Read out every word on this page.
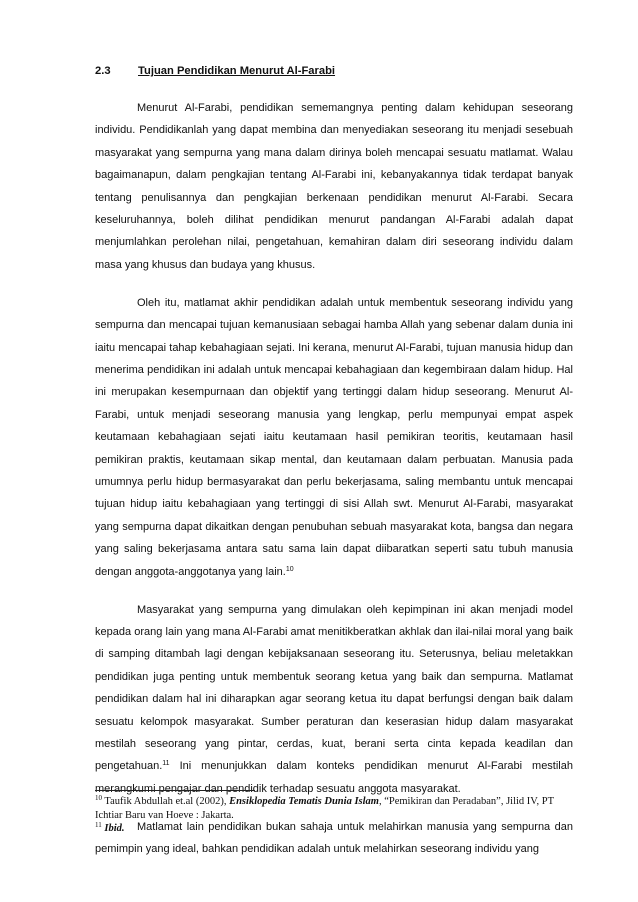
2.3 Tujuan Pendidikan Menurut Al-Farabi

Menurut Al-Farabi, pendidikan sememangnya penting dalam kehidupan seseorang individu. Pendidikanlah yang dapat membina dan menyediakan seseorang itu menjadi sesebuah masyarakat yang sempurna yang mana dalam dirinya boleh mencapai sesuatu matlamat. Walau bagaimanapun, dalam pengkajian tentang Al-Farabi ini, kebanyakannya tidak terdapat banyak tentang penulisannya dan pengkajian berkenaan pendidikan menurut Al-Farabi. Secara keseluruhannya, boleh dilihat pendidikan menurut pandangan Al-Farabi adalah dapat menjumlahkan perolehan nilai, pengetahuan, kemahiran dalam diri seseorang individu dalam masa yang khusus dan budaya yang khusus.

Oleh itu, matlamat akhir pendidikan adalah untuk membentuk seseorang individu yang sempurna dan mencapai tujuan kemanusiaan sebagai hamba Allah yang sebenar dalam dunia ini iaitu mencapai tahap kebahagiaan sejati. Ini kerana, menurut Al-Farabi, tujuan manusia hidup dan menerima pendidikan ini adalah untuk mencapai kebahagiaan dan kegembiraan dalam hidup. Hal ini merupakan kesempurnaan dan objektif yang tertinggi dalam hidup seseorang. Menurut Al-Farabi, untuk menjadi seseorang manusia yang lengkap, perlu mempunyai empat aspek keutamaan kebahagiaan sejati iaitu keutamaan hasil pemikiran teoritis, keutamaan hasil pemikiran praktis, keutamaan sikap mental, dan keutamaan dalam perbuatan. Manusia pada umumnya perlu hidup bermasyarakat dan perlu bekerjasama, saling membantu untuk mencapai tujuan hidup iaitu kebahagiaan yang tertinggi di sisi Allah swt. Menurut Al-Farabi, masyarakat yang sempurna dapat dikaitkan dengan penubuhan sebuah masyarakat kota, bangsa dan negara yang saling bekerjasama antara satu sama lain dapat diibaratkan seperti satu tubuh manusia dengan anggota-anggotanya yang lain.$^{10}$

Masyarakat yang sempurna yang dimulakan oleh kepimpinan ini akan menjadi model kepada orang lain yang mana Al-Farabi amat menitikberatkan akhlak dan ilai-nilai moral yang baik di samping ditambah lagi dengan kebijaksanaan seseorang itu. Seterusnya, beliau meletakkan pendidikan juga penting untuk membentuk seorang ketua yang baik dan sempurna. Matlamat pendidikan dalam hal ini diharapkan agar seorang ketua itu dapat berfungsi dengan baik dalam sesuatu kelompok masyarakat. Sumber peraturan dan keserasian hidup dalam masyarakat mestilah seseorang yang pintar, cerdas, kuat, berani serta cinta kepada keadilan dan pengetahuan.$^{11}$ Ini menunjukkan dalam konteks pendidikan menurut Al-Farabi mestilah merangkumi pengajar dan pendidik terhadap sesuatu anggota masyarakat.

Matlamat lain pendidikan bukan sahaja untuk melahirkan manusia yang sempurna dan pemimpin yang ideal, bahkan pendidikan adalah untuk melahirkan seseorang individu yang

$^{10}$ Taufik Abdullah et.al (2002), Ensiklopedia Tematis Dunia Islam, “Pemikiran dan Peradaban”, Jilid IV, PT Ichtiar Baru van Hoeve : Jakarta.

$^{11}$ Ibid.
